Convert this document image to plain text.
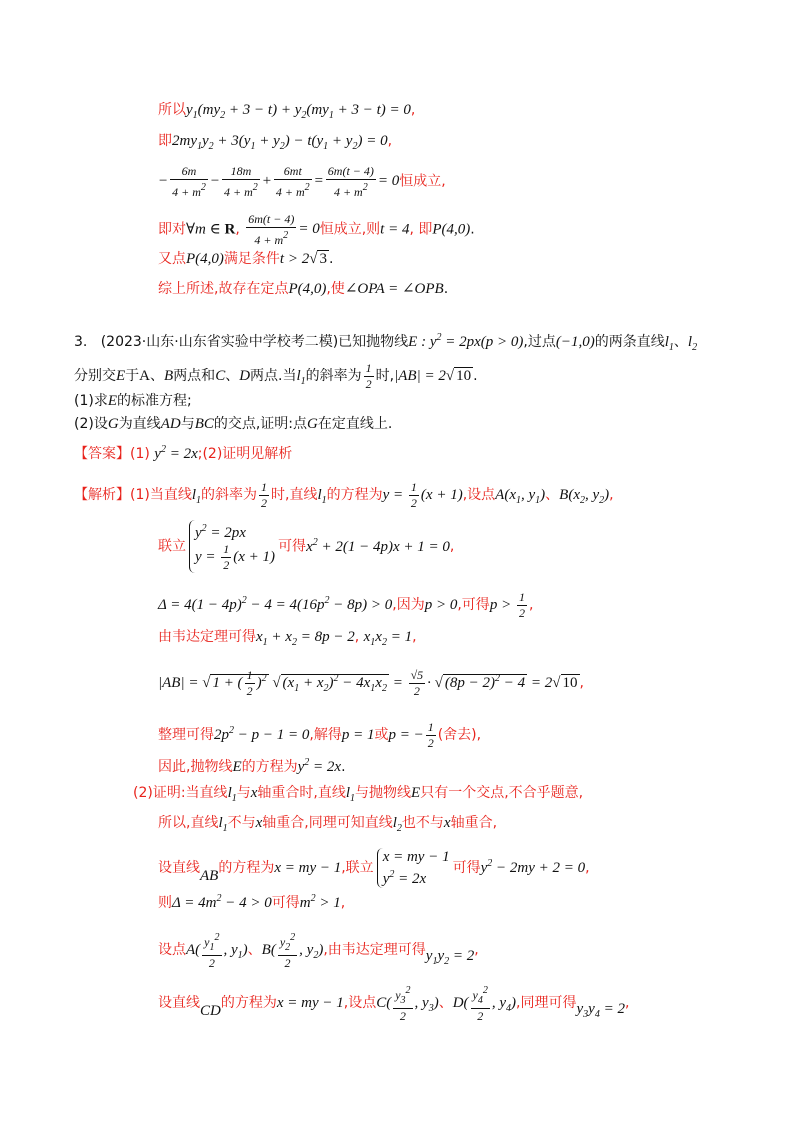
所以$y_1(my_2 + 3 - t) + y_2(my_1 + 3 - t) = 0$,
即$2my_1y_2 + 3(y_1 + y_2) - t(y_1 + y_2) = 0$,
− $\frac{6m}{4 + m^2} - \frac{18m}{4 + m^2} + \frac{6mt}{4 + m^2} = \frac{6m(t - 4)}{4 + m^2} = 0$恒成立,
即对∀m ∈ R, $\frac{6m(t - 4)}{4 + m^2} = 0$恒成立,则t = 4, 即P(4,0).
又点P(4,0)满足条件t > 2√ 3 .
综上所述,故存在定点P(4,0),使∠OPA = ∠OPB.
3. (2023·山东·山东省实验中学校考二模)已知抛物线E : $y^2 = 2px(p > 0)$,过点(−1,0)的两条直线$l_1$、$l_2$
分别交E于A、B两点和C、D两点.当$l_1$的斜率为 $\frac{1}{2}$ 时,|AB| = 2√ 10 .
(1)求E的标准方程;
(2)设G为直线AD与BC的交点,证明:点G在定直线上.
【答案】(1) $y^2$ = 2x;(2)证明见解析
【解析】(1)当直线$l_1$的斜率为 $\frac{1}{2}$ 时,直线$l_1$的方程为$y = \frac{1}{2} (x + 1)$,设点$A(x_1$, $y_1$)、$B(x_2$, $y_2$),
联立
$y^2 = 2px$
$y = \frac{1}{2} (x + 1)$
可得$x^2 + 2(1 - 4p)x + 1 = 0$,
$\Delta = 4(1 - 4p)^2 - 4 = 4(16p^2 - 8p) > 0$,因为p > 0,可得$p > \frac{1}{2}$ ,
由韦达定理可得$x_1 + x_2 = 8p - 2$, $x_1x_2 = 1$,
|AB| = √ 1 + ( $\frac{1}{2} )^2$ √ $(x_1 + x_2)^2 - 4x_1x_2 = \frac{√5}{2}$ · √ $(8p - 2)^2 - 4 = 2√$ 10 ,
整理可得$2p^2 - p - 1 = 0$,解得p = 1或p = − $\frac{1}{2}$ (舍去),
因此,抛物线E的方程为$y^2 = 2x$.
(2)证明:当直线$l_1$与x轴重合时,直线$l_1$与抛物线E只有一个交点,不合乎题意,
所以,直线$l_1$不与x轴重合,同理可知直线$l_2$也不与x轴重合,
设直线AB的方程为x = my − 1,联立
x = my − 1
$y^2 = 2x$
可得$y^2 - 2my + 2 = 0$,
则$\Delta = 4m^2 - 4 > 0$可得$m^2 > 1$,
设点$A( \frac{y_1^2}{2}$ , $y_1$)、$B( \frac{y_2^2}{2}$ , $y_2$),由韦达定理可得$y_1y_2 = 2$,
设直线CD的方程为x = my − 1,设点$C( \frac{y_3^2}{2}$ , $y_3$)、$D( \frac{y_4^2}{2}$ , $y_4$),同理可得$y_3y_4 = 2$,
